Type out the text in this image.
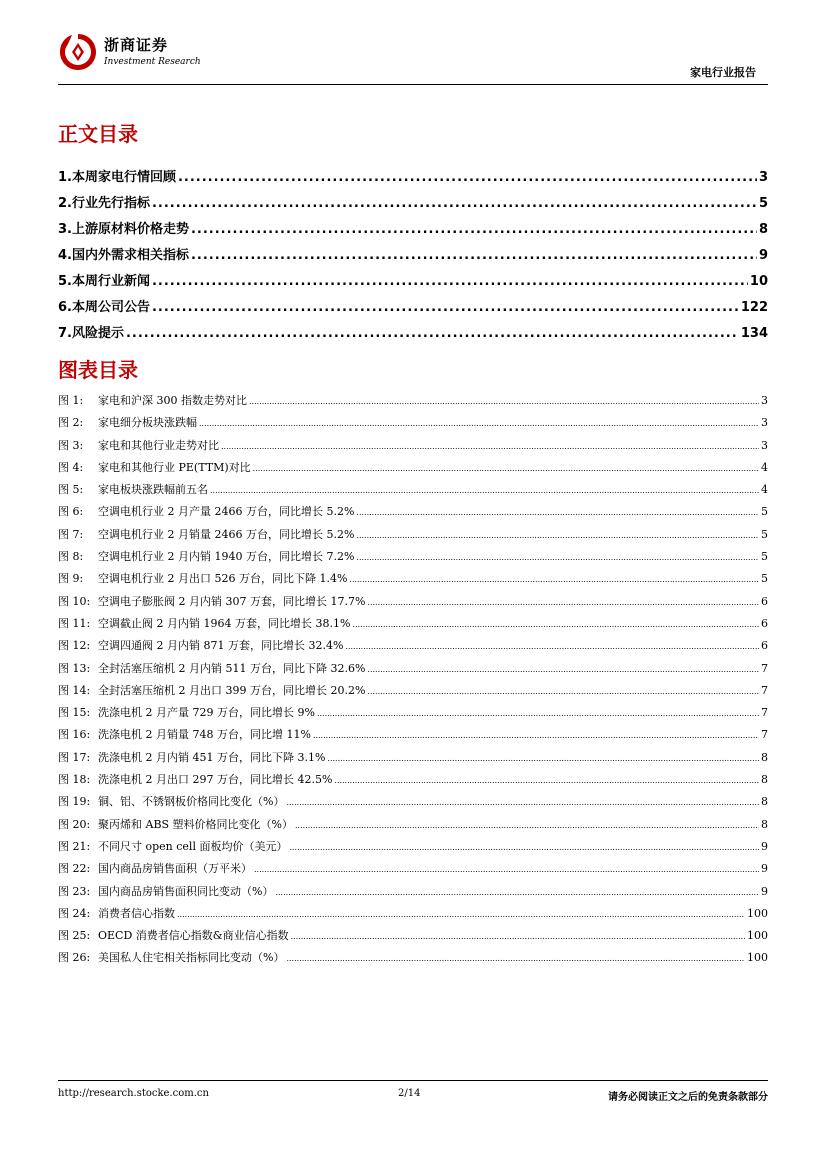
浙商证券
Investment Research
家电行业报告
正文目录
1.本周家电行情回顾 .....	3
2.行业先行指标 .....	5
3.上游原材料价格走势 .....	8
4.国内外需求相关指标 .....	9
5.本周行业新闻 .....	10
6.本周公司公告 .....	122
7.风险提示 .....	134
图表目录
图 1:	家电和沪深 300 指数走势对比 .....	3
图 2:	家电细分板块涨跌幅 .....	3
图 3:	家电和其他行业走势对比 .....	3
图 4:	家电和其他行业 PE(TTM)对比 .....	4
图 5:	家电板块涨跌幅前五名 .....	4
图 6:	空调电机行业 2 月产量 2466 万台，同比增长 5.2% .....	5
图 7:	空调电机行业 2 月销量 2466 万台，同比增长 5.2% .....	5
图 8:	空调电机行业 2 月内销 1940 万台，同比增长 7.2% .....	5
图 9:	空调电机行业 2 月出口 526 万台，同比下降 1.4% .....	5
图 10: 空调电子膨胀阀 2 月内销 307 万套，同比增长 17.7% .....	6
图 11: 空调截止阀 2 月内销 1964 万套，同比增长 38.1% .....	6
图 12: 空调四通阀 2 月内销 871 万套，同比增长 32.4% .....	6
图 13: 全封活塞压缩机 2 月内销 511 万台，同比下降 32.6% .....	7
图 14: 全封活塞压缩机 2 月出口 399 万台，同比增长 20.2% .....	7
图 15: 洗涤电机 2 月产量 729 万台，同比增长 9% .....	7
图 16: 洗涤电机 2 月销量 748 万台，同比增 11% .....	7
图 17: 洗涤电机 2 月内销 451 万台，同比下降 3.1% .....	8
图 18: 洗涤电机 2 月出口 297 万台，同比增长 42.5% .....	8
图 19: 铜、铝、不锈钢板价格同比变化（%） .....	8
图 20: 聚丙烯和 ABS 塑料价格同比变化（%） .....	8
图 21: 不同尺寸 open cell 面板均价（美元） .....	9
图 22: 国内商品房销售面积（万平米） .....	9
图 23: 国内商品房销售面积同比变动（%） .....	9
图 24: 消费者信心指数 .....	100
图 25: OECD 消费者信心指数&商业信心指数 .....	100
图 26: 美国私人住宅相关指标同比变动（%） .....	100
http://research.stocke.com.cn	2/14	请务必阅读正文之后的免责条款部分
